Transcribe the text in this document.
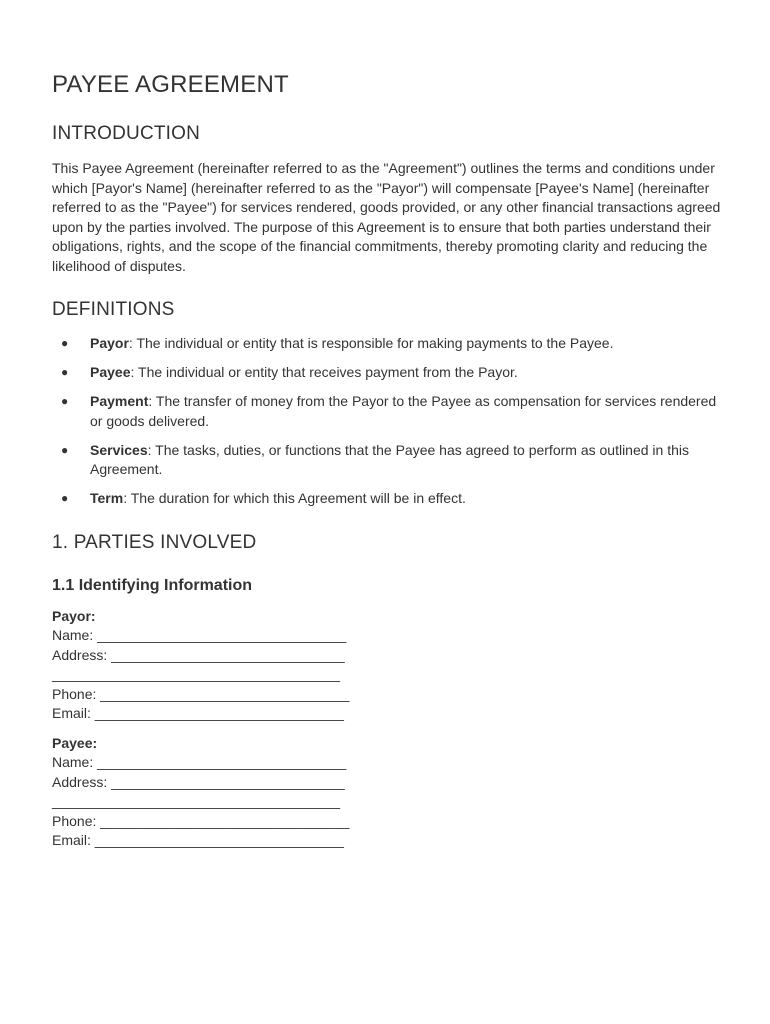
PAYEE AGREEMENT
INTRODUCTION

This Payee Agreement (hereinafter referred to as the "Agreement") outlines the terms and conditions under which [Payor's Name] (hereinafter referred to as the "Payor") will compensate [Payee's Name] (hereinafter referred to as the "Payee") for services rendered, goods provided, or any other financial transactions agreed upon by the parties involved. The purpose of this Agreement is to ensure that both parties understand their obligations, rights, and the scope of the financial commitments, thereby promoting clarity and reducing the likelihood of disputes.

DEFINITIONS
● Payor: The individual or entity that is responsible for making payments to the Payee.
● Payee: The individual or entity that receives payment from the Payor.
● Payment: The transfer of money from the Payor to the Payee as compensation for services rendered or goods delivered.
● Services: The tasks, duties, or functions that the Payee has agreed to perform as outlined in this Agreement.
● Term: The duration for which this Agreement will be in effect.
1. PARTIES INVOLVED
1.1 Identifying Information
Payor:
Name: ________________________________
Address: ______________________________
_____________________________________
Phone: ________________________________
Email: ________________________________
Payee:
Name: ________________________________
Address: ______________________________
_____________________________________
Phone: ________________________________
Email: ________________________________
